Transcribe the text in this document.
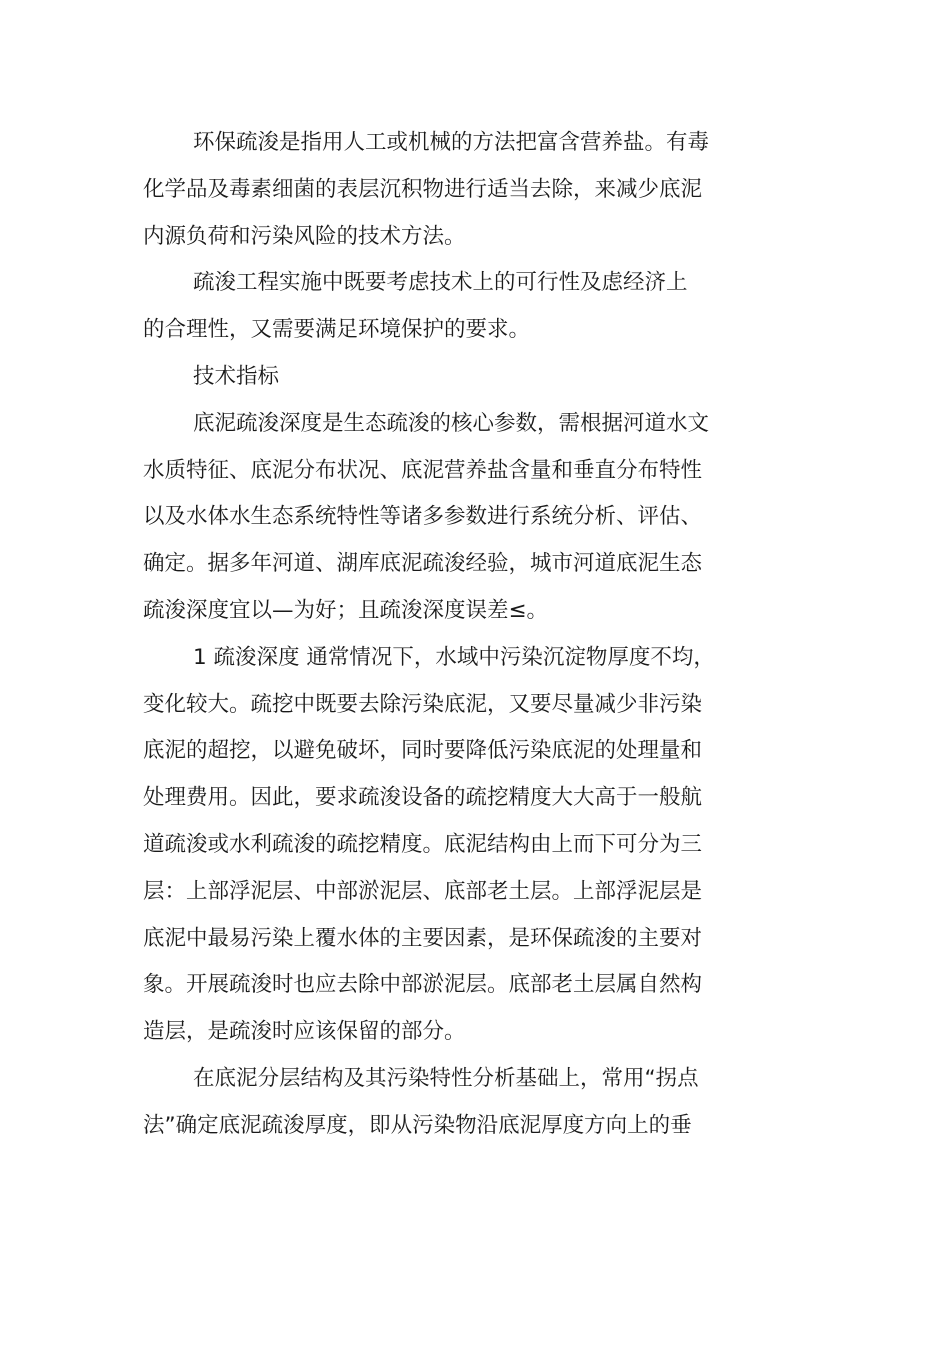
环保疏浚是指用人工或机械的方法把富含营养盐。有毒
化学品及毒素细菌的表层沉积物进行适当去除，来减少底泥
内源负荷和污染风险的技术方法。
疏浚工程实施中既要考虑技术上的可行性及虑经济上
的合理性，又需要满足环境保护的要求。
技术指标
底泥疏浚深度是生态疏浚的核心参数，需根据河道水文
水质特征、底泥分布状况、底泥营养盐含量和垂直分布特性
以及水体水生态系统特性等诸多参数进行系统分析、评估、
确定。据多年河道、湖库底泥疏浚经验，城市河道底泥生态
疏浚深度宜以—为好；且疏浚深度误差≤。
1 疏浚深度 通常情况下，水域中污染沉淀物厚度不均，
变化较大。疏挖中既要去除污染底泥，又要尽量减少非污染
底泥的超挖，以避免破坏，同时要降低污染底泥的处理量和
处理费用。因此，要求疏浚设备的疏挖精度大大高于一般航
道疏浚或水利疏浚的疏挖精度。底泥结构由上而下可分为三
层：上部浮泥层、中部淤泥层、底部老土层。上部浮泥层是
底泥中最易污染上覆水体的主要因素，是环保疏浚的主要对
象。开展疏浚时也应去除中部淤泥层。底部老土层属自然构
造层，是疏浚时应该保留的部分。
在底泥分层结构及其污染特性分析基础上，常用“拐点
法”确定底泥疏浚厚度，即从污染物沿底泥厚度方向上的垂
